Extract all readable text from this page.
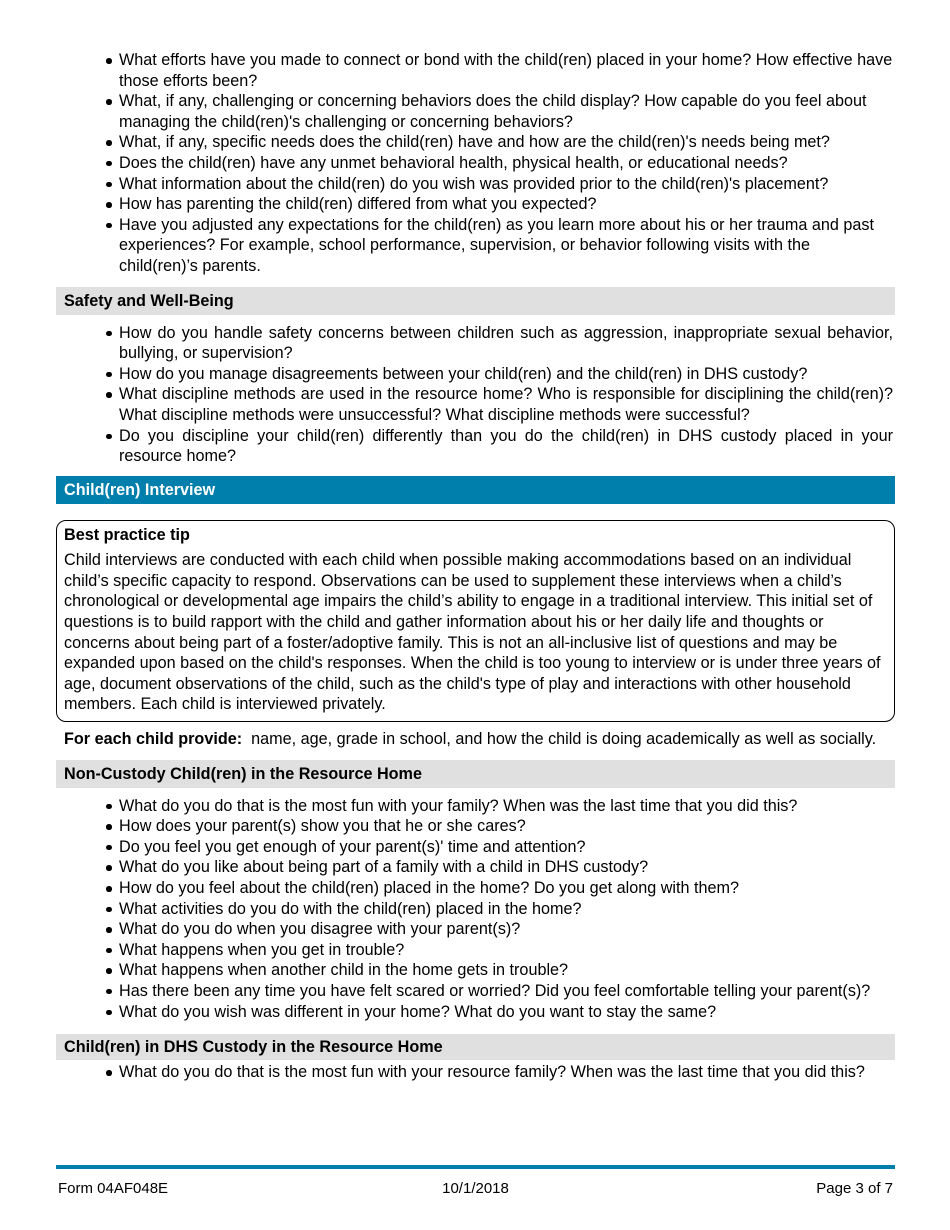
What efforts have you made to connect or bond with the child(ren) placed in your home? How effective have those efforts been?
What, if any, challenging or concerning behaviors does the child display? How capable do you feel about managing the child(ren)'s challenging or concerning behaviors?
What, if any, specific needs does the child(ren) have and how are the child(ren)'s needs being met?
Does the child(ren) have any unmet behavioral health, physical health, or educational needs?
What information about the child(ren) do you wish was provided prior to the child(ren)'s placement?
How has parenting the child(ren) differed from what you expected?
Have you adjusted any expectations for the child(ren) as you learn more about his or her trauma and past experiences? For example, school performance, supervision, or behavior following visits with the child(ren)’s parents.
Safety and Well-Being
How do you handle safety concerns between children such as aggression, inappropriate sexual behavior, bullying, or supervision?
How do you manage disagreements between your child(ren) and the child(ren) in DHS custody?
What discipline methods are used in the resource home? Who is responsible for disciplining the child(ren)? What discipline methods were unsuccessful? What discipline methods were successful?
Do you discipline your child(ren) differently than you do the child(ren) in DHS custody placed in your resource home?
Child(ren) Interview
Best practice tip
Child interviews are conducted with each child when possible making accommodations based on an individual child’s specific capacity to respond. Observations can be used to supplement these interviews when a child’s chronological or developmental age impairs the child’s ability to engage in a traditional interview. This initial set of questions is to build rapport with the child and gather information about his or her daily life and thoughts or concerns about being part of a foster/adoptive family. This is not an all-inclusive list of questions and may be expanded upon based on the child's responses. When the child is too young to interview or is under three years of age, document observations of the child, such as the child's type of play and interactions with other household members. Each child is interviewed privately.
For each child provide: name, age, grade in school, and how the child is doing academically as well as socially.
Non-Custody Child(ren) in the Resource Home
What do you do that is the most fun with your family? When was the last time that you did this?
How does your parent(s) show you that he or she cares?
Do you feel you get enough of your parent(s)' time and attention?
What do you like about being part of a family with a child in DHS custody?
How do you feel about the child(ren) placed in the home? Do you get along with them?
What activities do you do with the child(ren) placed in the home?
What do you do when you disagree with your parent(s)?
What happens when you get in trouble?
What happens when another child in the home gets in trouble?
Has there been any time you have felt scared or worried? Did you feel comfortable telling your parent(s)?
What do you wish was different in your home? What do you want to stay the same?
Child(ren) in DHS Custody in the Resource Home
What do you do that is the most fun with your resource family? When was the last time that you did this?
Form 04AF048E	10/1/2018	Page 3 of 7
